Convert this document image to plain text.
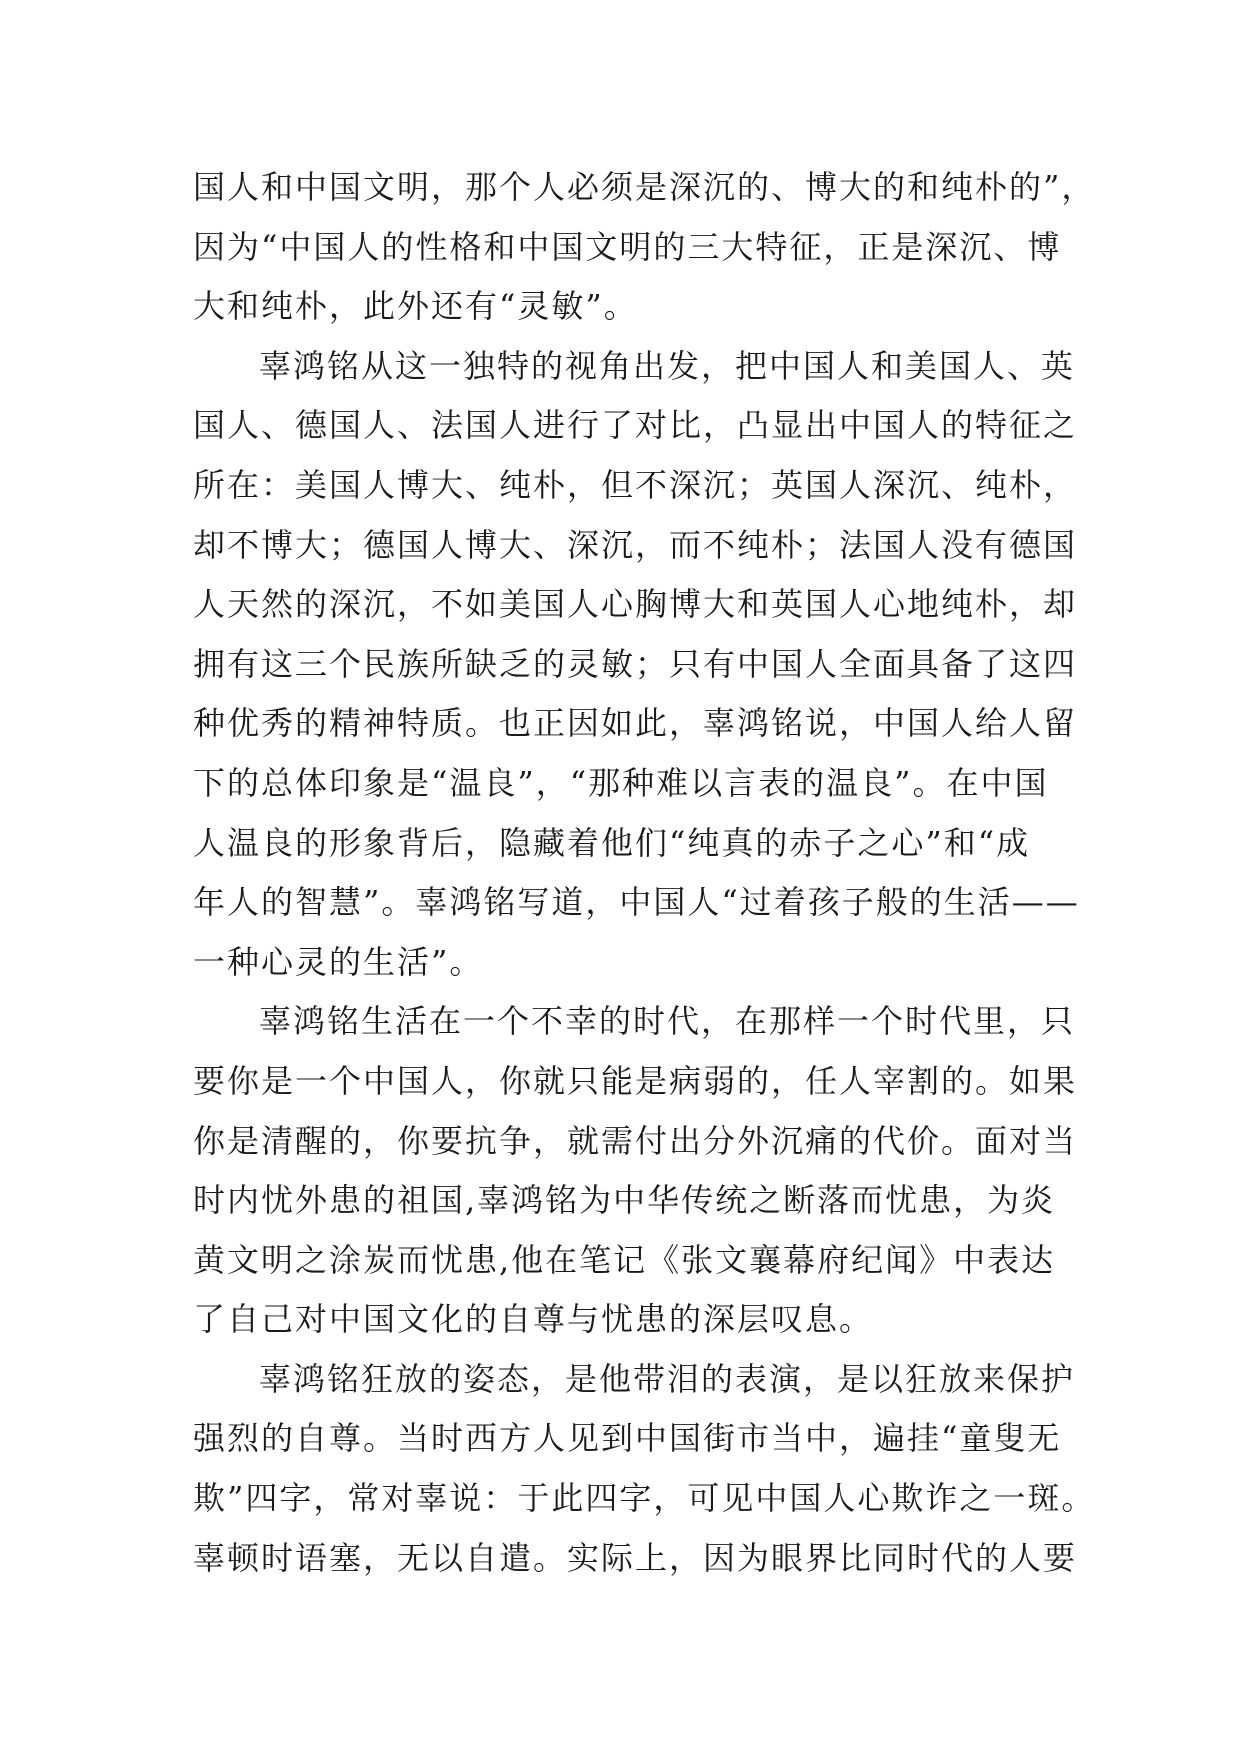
国人和中国文明，那个人必须是深沉的、博大的和纯朴的”，
因为“中国人的性格和中国文明的三大特征，正是深沉、博
大和纯朴，此外还有“灵敏”。
辜鸿铭从这一独特的视角出发，把中国人和美国人、英
国人、德国人、法国人进行了对比，凸显出中国人的特征之
所在：美国人博大、纯朴，但不深沉；英国人深沉、纯朴，
却不博大；德国人博大、深沉，而不纯朴；法国人没有德国
人天然的深沉，不如美国人心胸博大和英国人心地纯朴，却
拥有这三个民族所缺乏的灵敏；只有中国人全面具备了这四
种优秀的精神特质。也正因如此，辜鸿铭说，中国人给人留
下的总体印象是“温良”，“那种难以言表的温良”。在中国
人温良的形象背后，隐藏着他们“纯真的赤子之心”和“成
年人的智慧”。辜鸿铭写道，中国人“过着孩子般的生活——
一种心灵的生活”。
辜鸿铭生活在一个不幸的时代，在那样一个时代里，只
要你是一个中国人，你就只能是病弱的，任人宰割的。如果
你是清醒的，你要抗争，就需付出分外沉痛的代价。面对当
时内忧外患的祖国,辜鸿铭为中华传统之断落而忧患，为炎
黄文明之涂炭而忧患,他在笔记《张文襄幕府纪闻》中表达
了自己对中国文化的自尊与忧患的深层叹息。
辜鸿铭狂放的姿态，是他带泪的表演，是以狂放来保护
强烈的自尊。当时西方人见到中国街市当中，遍挂“童叟无
欺”四字，常对辜说：于此四字，可见中国人心欺诈之一斑。
辜顿时语塞，无以自遣。实际上，因为眼界比同时代的人要
